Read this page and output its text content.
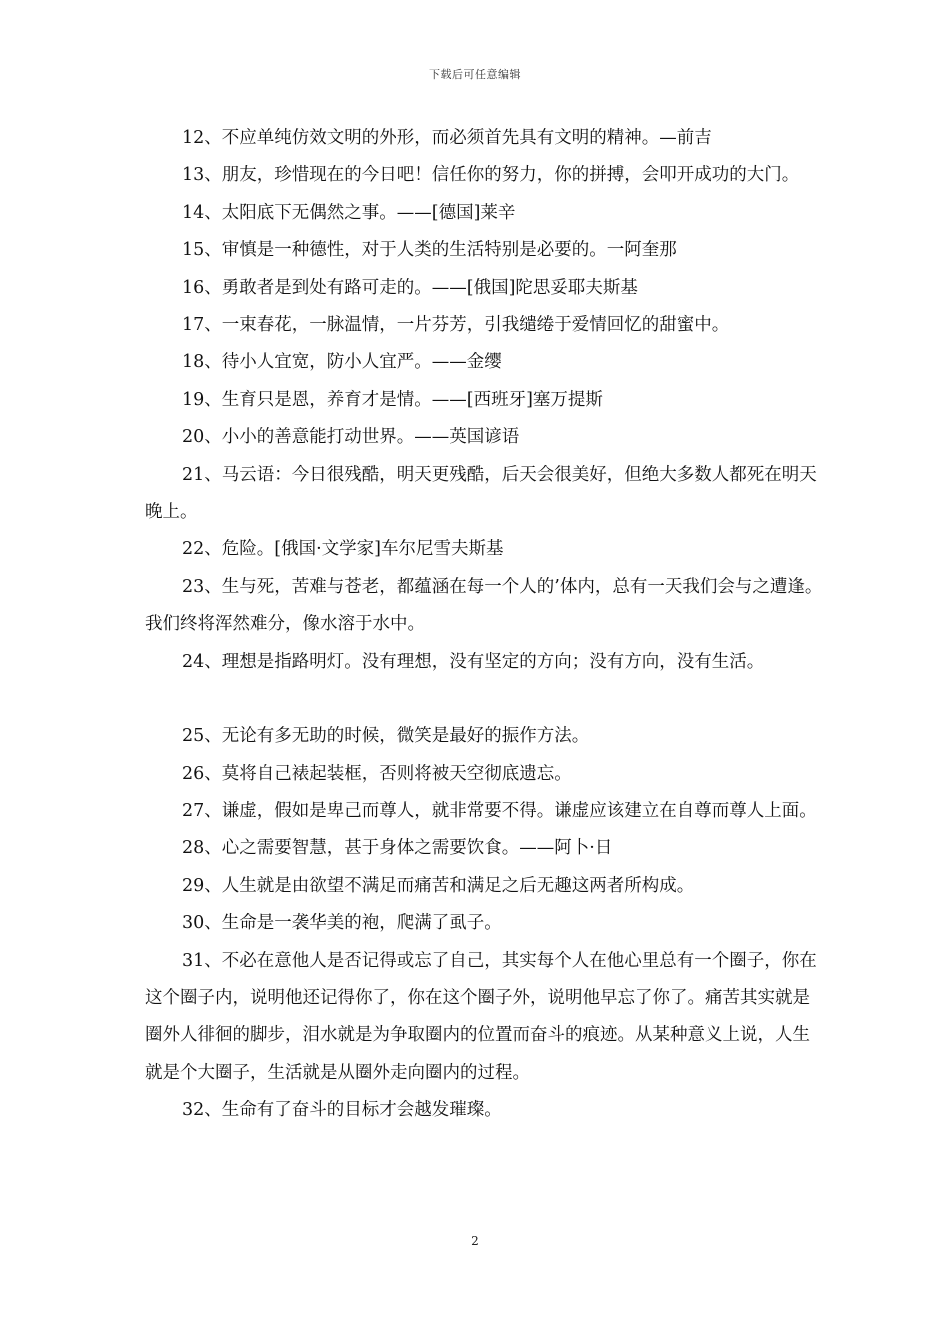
下载后可任意编辑

12、不应单纯仿效文明的外形，而必须首先具有文明的精神。—前吉

13、朋友，珍惜现在的今日吧！信任你的努力，你的拼搏，会叩开成功的大门。

14、太阳底下无偶然之事。——[德国]莱辛

15、审慎是一种德性，对于人类的生活特别是必要的。一阿奎那

16、勇敢者是到处有路可走的。——[俄国]陀思妥耶夫斯基

17、一束春花，一脉温情，一片芬芳，引我缱绻于爱情回忆的甜蜜中。

18、待小人宜宽，防小人宜严。——金缨

19、生育只是恩，养育才是情。——[西班牙]塞万提斯

20、小小的善意能打动世界。——英国谚语

21、马云语：今日很残酷，明天更残酷，后天会很美好，但绝大多数人都死在明天晚上。

22、危险。[俄国·文学家]车尔尼雪夫斯基

23、生与死，苦难与苍老，都蕴涵在每一个人的’体内，总有一天我们会与之遭逢。我们终将浑然难分，像水溶于水中。

24、理想是指路明灯。没有理想，没有坚定的方向；没有方向，没有生活。

25、无论有多无助的时候，微笑是最好的振作方法。

26、莫将自己裱起装框，否则将被天空彻底遗忘。

27、谦虚，假如是卑己而尊人，就非常要不得。谦虚应该建立在自尊而尊人上面。

28、心之需要智慧，甚于身体之需要饮食。——阿卜·日

29、人生就是由欲望不满足而痛苦和满足之后无趣这两者所构成。

30、生命是一袭华美的袍，爬满了虱子。

31、不必在意他人是否记得或忘了自己，其实每个人在他心里总有一个圈子，你在这个圈子内，说明他还记得你了，你在这个圈子外，说明他早忘了你了。痛苦其实就是圈外人徘徊的脚步，泪水就是为争取圈内的位置而奋斗的痕迹。从某种意义上说，人生就是个大圈子，生活就是从圈外走向圈内的过程。

32、生命有了奋斗的目标才会越发璀璨。

2
